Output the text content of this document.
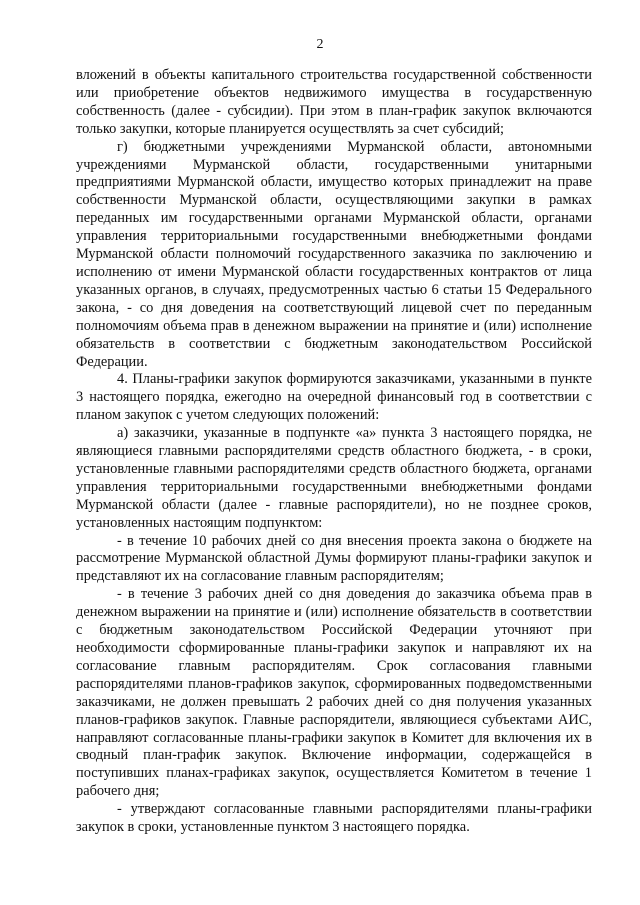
2

вложений в объекты капитального строительства государственной собственности или приобретение объектов недвижимого имущества в государственную собственность (далее - субсидии). При этом в план-график закупок включаются только закупки, которые планируется осуществлять за счет субсидий;

г) бюджетными учреждениями Мурманской области, автономными учреждениями Мурманской области, государственными унитарными предприятиями Мурманской области, имущество которых принадлежит на праве собственности Мурманской области, осуществляющими закупки в рамках переданных им государственными органами Мурманской области, органами управления территориальными государственными внебюджетными фондами Мурманской области полномочий государственного заказчика по заключению и исполнению от имени Мурманской области государственных контрактов от лица указанных органов, в случаях, предусмотренных частью 6 статьи 15 Федерального закона, - со дня доведения на соответствующий лицевой счет по переданным полномочиям объема прав в денежном выражении на принятие и (или) исполнение обязательств в соответствии с бюджетным законодательством Российской Федерации.

4. Планы-графики закупок формируются заказчиками, указанными в пункте 3 настоящего порядка, ежегодно на очередной финансовый год в соответствии с планом закупок с учетом следующих положений:

а) заказчики, указанные в подпункте «а» пункта 3 настоящего порядка, не являющиеся главными распорядителями средств областного бюджета, - в сроки, установленные главными распорядителями средств областного бюджета, органами управления территориальными государственными внебюджетными фондами Мурманской области (далее - главные распорядители), но не позднее сроков, установленных настоящим подпунктом:

- в течение 10 рабочих дней со дня внесения проекта закона о бюджете на рассмотрение Мурманской областной Думы формируют планы-графики закупок и представляют их на согласование главным распорядителям;

- в течение 3 рабочих дней со дня доведения до заказчика объема прав в денежном выражении на принятие и (или) исполнение обязательств в соответствии с бюджетным законодательством Российской Федерации уточняют при необходимости сформированные планы-графики закупок и направляют их на согласование главным распорядителям. Срок согласования главными распорядителями планов-графиков закупок, сформированных подведомственными заказчиками, не должен превышать 2 рабочих дней со дня получения указанных планов-графиков закупок. Главные распорядители, являющиеся субъектами АИС, направляют согласованные планы-графики закупок в Комитет для включения их в сводный план-график закупок. Включение информации, содержащейся в поступивших планах-графиках закупок, осуществляется Комитетом в течение 1 рабочего дня;

- утверждают согласованные главными распорядителями планы-графики закупок в сроки, установленные пунктом 3 настоящего порядка.
